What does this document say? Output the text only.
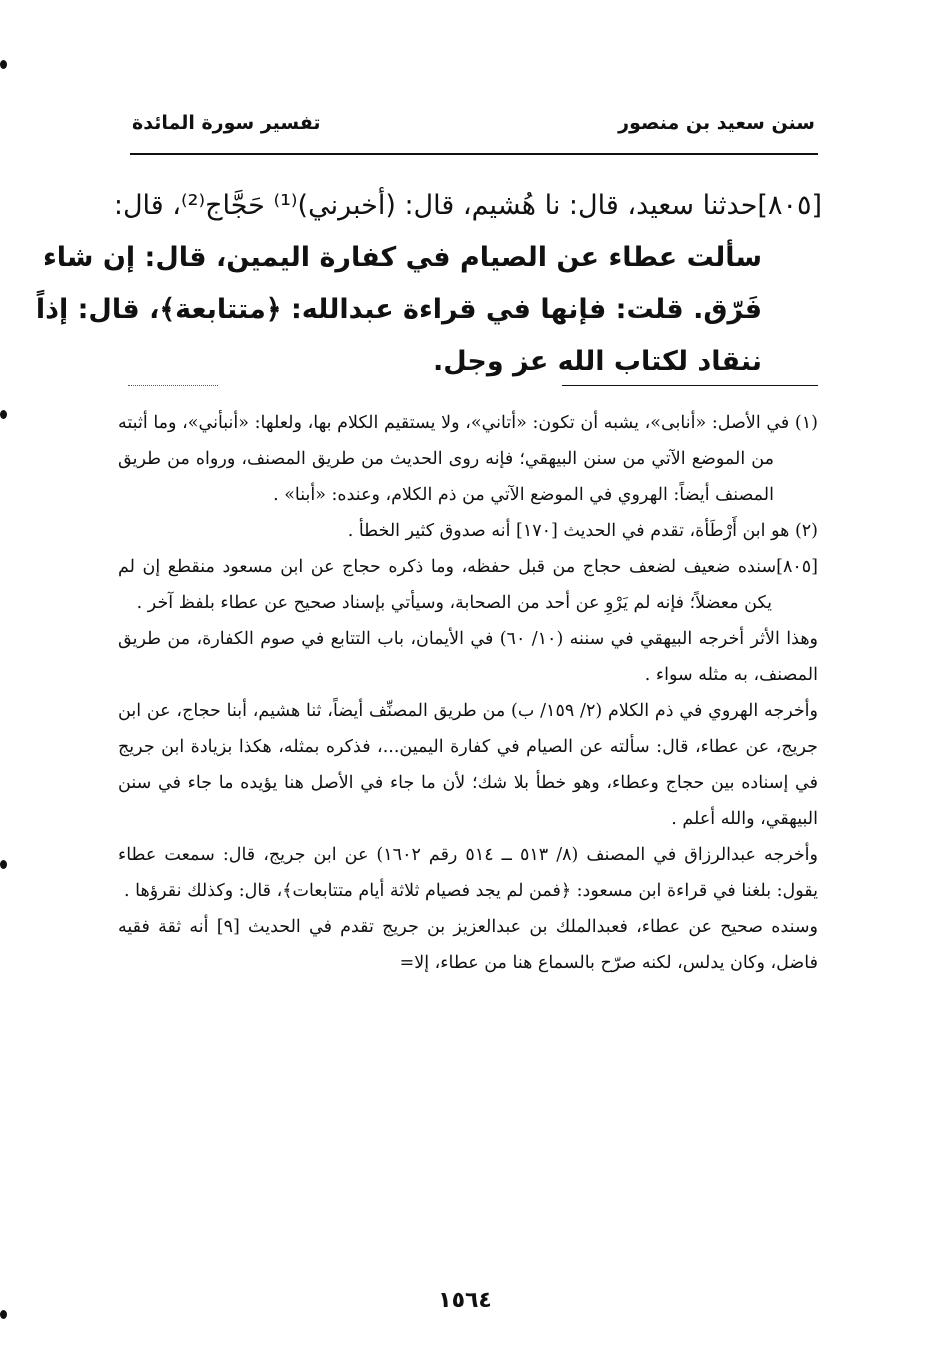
سنن سعيد بن منصور
تفسير سورة المائدة
[٨٠٥]حدثنا سعيد، قال: نا هُشيم، قال: (أخبرني)⁽¹⁾ حَجَّاج⁽²⁾، قال:
سألت عطاء عن الصيام في كفارة اليمين، قال: إن شاء
فَرّق. قلت: فإنها في قراءة عبدالله: ﴿متتابعة﴾، قال: إذاً
ننقاد لكتاب الله عز وجل.

(١) في الأصل: «أنابى»، يشبه أن تكون: «أتاني»، ولا يستقيم الكلام بها، ولعلها: «أنبأني»، وما أثبته من الموضع الآتي من سنن البيهقي؛ فإنه روى الحديث من طريق المصنف، ورواه من طريق المصنف أيضاً: الهروي في الموضع الآتي من ذم الكلام، وعنده: «أبنا» .

(٢) هو ابن أَرْطَأة، تقدم في الحديث [١٧٠] أنه صدوق كثير الخطأ .

[٨٠٥]سنده ضعيف لضعف حجاج من قبل حفظه، وما ذكره حجاج عن ابن مسعود منقطع إن لم يكن معضلاً؛ فإنه لم يَرْوِ عن أحد من الصحابة، وسيأتي بإسناد صحيح عن عطاء بلفظ آخر .

وهذا الأثر أخرجه البيهقي في سننه (١٠/ ٦٠) في الأيمان، باب التتابع في صوم الكفارة، من طريق المصنف، به مثله سواء .

وأخرجه الهروي في ذم الكلام (٢/ ١٥٩/ ب) من طريق المصنِّف أيضاً، ثنا هشيم، أبنا حجاج، عن ابن جريج، عن عطاء، قال: سألته عن الصيام في كفارة اليمين...، فذكره بمثله، هكذا بزيادة ابن جريج في إسناده بين حجاج وعطاء، وهو خطأ بلا شك؛ لأن ما جاء في الأصل هنا يؤيده ما جاء في سنن البيهقي، والله أعلم .

وأخرجه عبدالرزاق في المصنف (٨/ ٥١٣ ــ ٥١٤ رقم ١٦٠٢) عن ابن جريج، قال: سمعت عطاء يقول: بلغنا في قراءة ابن مسعود: ﴿فمن لم يجد فصيام ثلاثة أيام متتابعات﴾، قال: وكذلك نقرؤها .

وسنده صحيح عن عطاء، فعبدالملك بن عبدالعزيز بن جريج تقدم في الحديث [٩] أنه ثقة فقيه فاضل، وكان يدلس، لكنه صرّح بالسماع هنا من عطاء، إلا=

١٥٦٤
